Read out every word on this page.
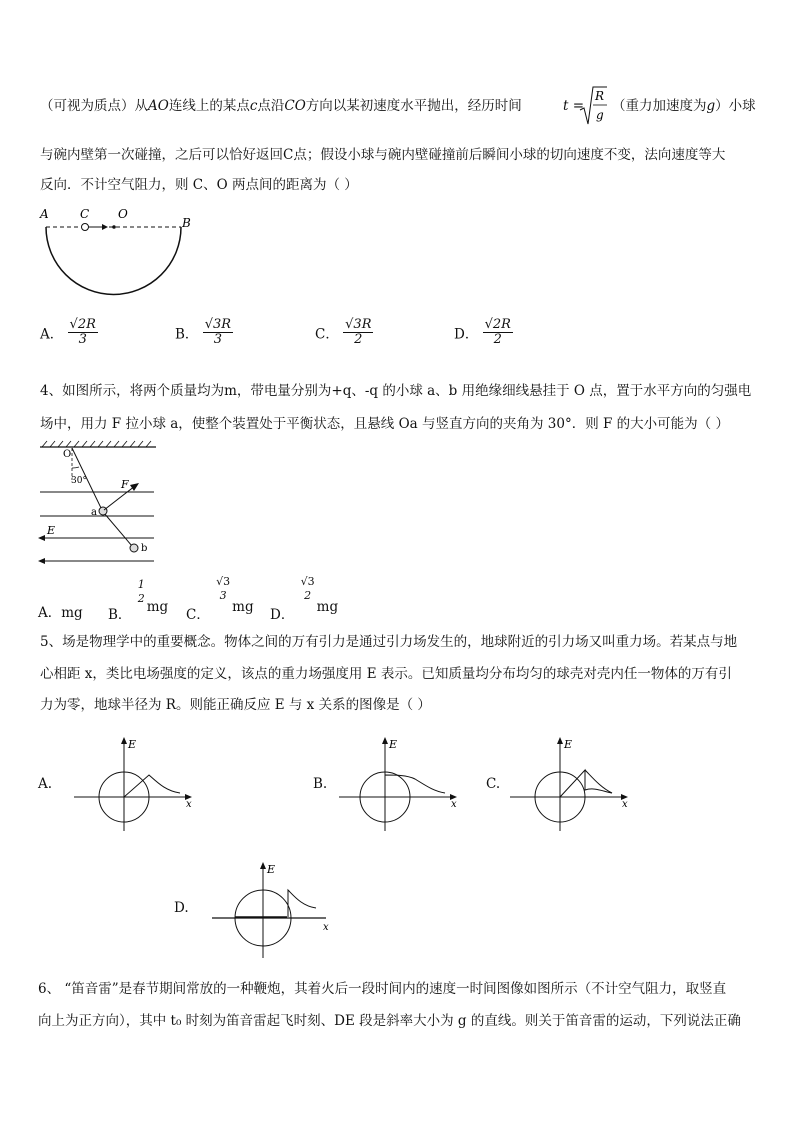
（可视为质点）从AO连线上的某点c点沿CO方向以某初速度水平抛出，经历时间	t =
R
g
（重力加速度为g）小球
与碗内壁第一次碰撞，之后可以恰好返回C点；假设小球与碗内壁碰撞前后瞬间小球的切向速度不变，法向速度等大
反向．不计空气阻力，则 C、O 两点间的距离为（ ）
A	C O
B
A． $\frac{√2R}{3}$	B． $\frac{√3R}{3}$	C． $\frac{√3R}{2}$	D． $\frac{√2R}{2}$
4、如图所示，将两个质量均为m，带电量分别为+q、-q 的小球 a、b 用绝缘细线悬挂于 O 点，置于水平方向的匀强电
场中，用力 F 拉小球 a，使整个装置处于平衡状态，且悬线 Oa 与竖直方向的夹角为 30°．则 F 的大小可能为（ ）
O
30°
E
a
b
F
A．mg B．
1
2 mg C．
√3
3
mg D．
√3
2
mg
5、场是物理学中的重要概念。物体之间的万有引力是通过引力场发生的，地球附近的引力场又叫重力场。若某点与地
心相距 x，类比电场强度的定义，该点的重力场强度用 E 表示。已知质量均分布均匀的球壳对壳内任一物体的万有引
力为零，地球半径为 R。则能正确反应 E 与 x 关系的图像是（ ）
A.
E
x
B.
E
x
C.
E
x
D.
E
x
6、 “笛音雷”是春节期间常放的一种鞭炮，其着火后一段时间内的速度一时间图像如图所示（不计空气阻力，取竖直
向上为正方向），其中 t₀ 时刻为笛音雷起飞时刻、DE 段是斜率大小为 g 的直线。则关于笛音雷的运动，下列说法正确
